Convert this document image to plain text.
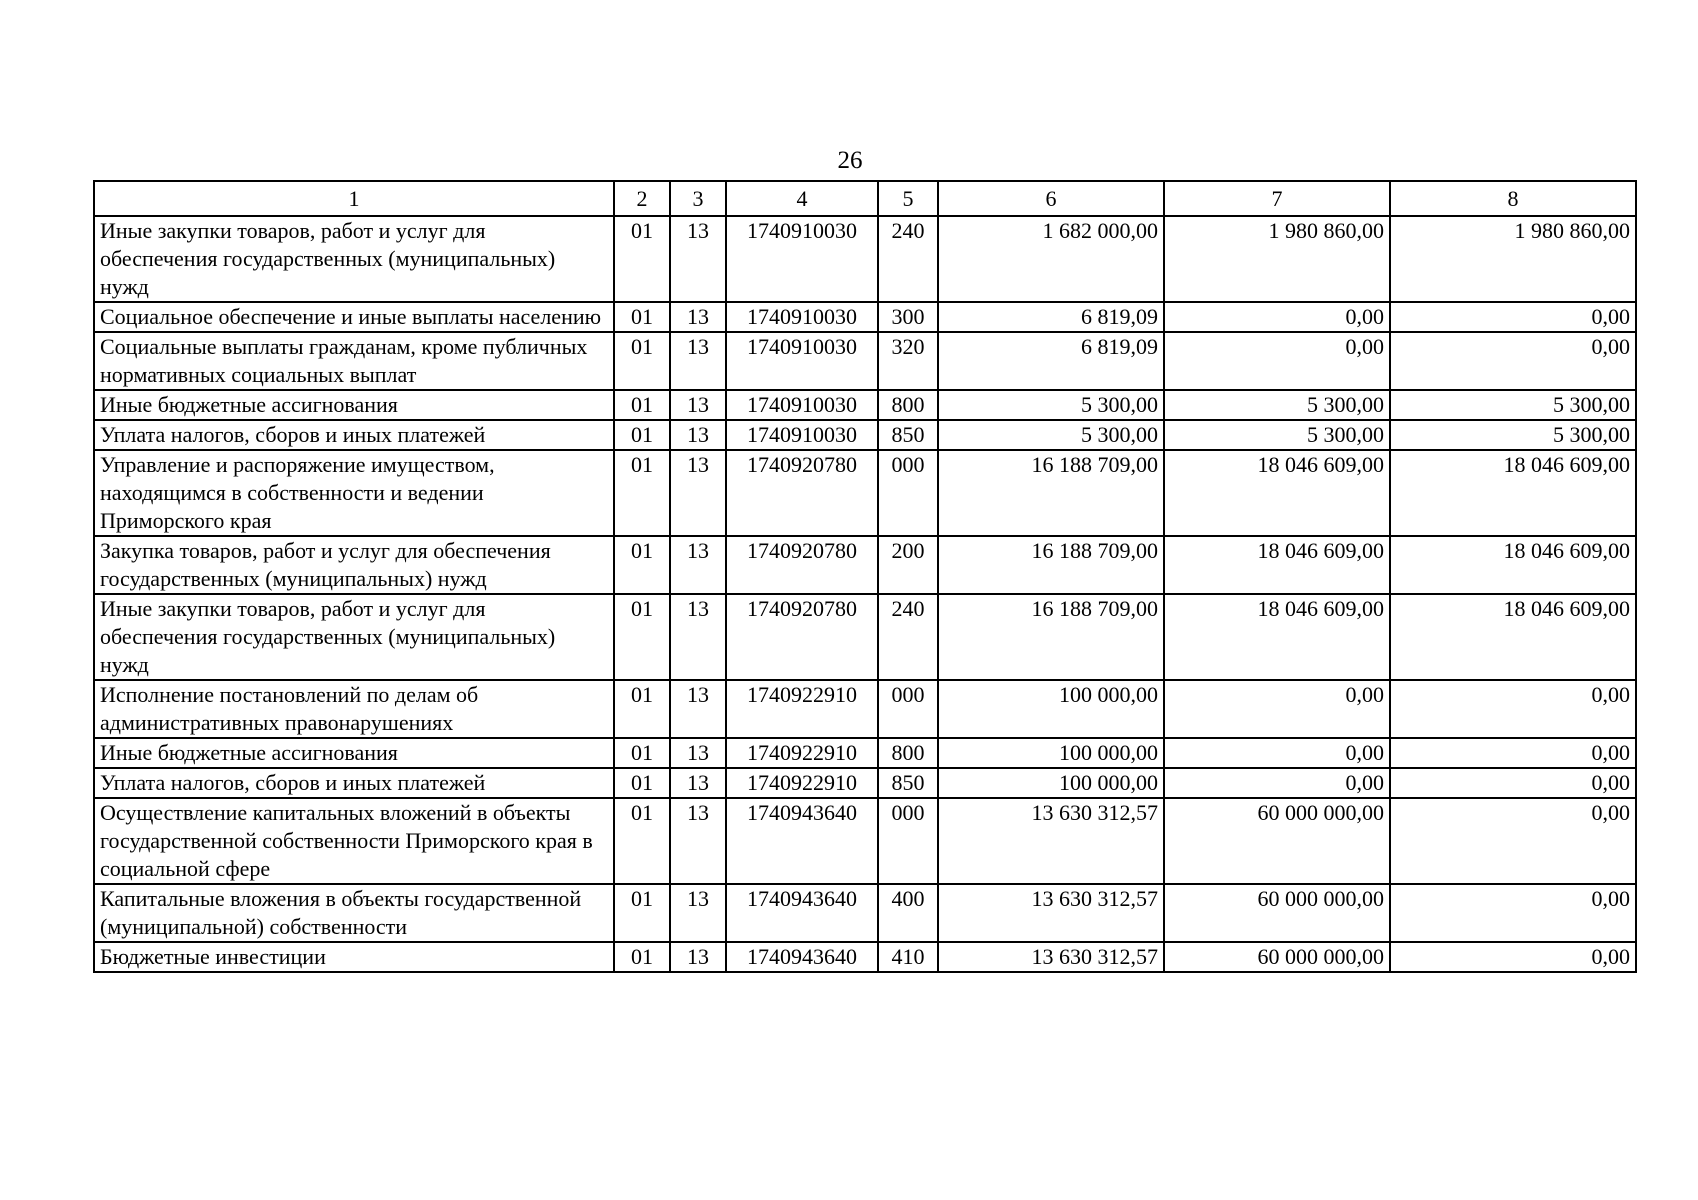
26
1	2	3	4	5	6	7	8
Иные закупки товаров, работ и услуг для обеспечения государственных (муниципальных) нужд	01	13	1740910030	240	1 682 000,00	1 980 860,00	1 980 860,00
Социальное обеспечение и иные выплаты населению	01	13	1740910030	300	6 819,09	0,00	0,00
Социальные выплаты гражданам, кроме публичных нормативных социальных выплат	01	13	1740910030	320	6 819,09	0,00	0,00
Иные бюджетные ассигнования	01	13	1740910030	800	5 300,00	5 300,00	5 300,00
Уплата налогов, сборов и иных платежей	01	13	1740910030	850	5 300,00	5 300,00	5 300,00
Управление и распоряжение имуществом, находящимся в собственности и ведении Приморского края	01	13	1740920780	000	16 188 709,00	18 046 609,00	18 046 609,00
Закупка товаров, работ и услуг для обеспечения государственных (муниципальных) нужд	01	13	1740920780	200	16 188 709,00	18 046 609,00	18 046 609,00
Иные закупки товаров, работ и услуг для обеспечения государственных (муниципальных) нужд	01	13	1740920780	240	16 188 709,00	18 046 609,00	18 046 609,00
Исполнение постановлений по делам об административных правонарушениях	01	13	1740922910	000	100 000,00	0,00	0,00
Иные бюджетные ассигнования	01	13	1740922910	800	100 000,00	0,00	0,00
Уплата налогов, сборов и иных платежей	01	13	1740922910	850	100 000,00	0,00	0,00
Осуществление капитальных вложений в объекты государственной собственности Приморского края в социальной сфере	01	13	1740943640	000	13 630 312,57	60 000 000,00	0,00
Капитальные вложения в объекты государственной (муниципальной) собственности	01	13	1740943640	400	13 630 312,57	60 000 000,00	0,00
Бюджетные инвестиции	01	13	1740943640	410	13 630 312,57	60 000 000,00	0,00
